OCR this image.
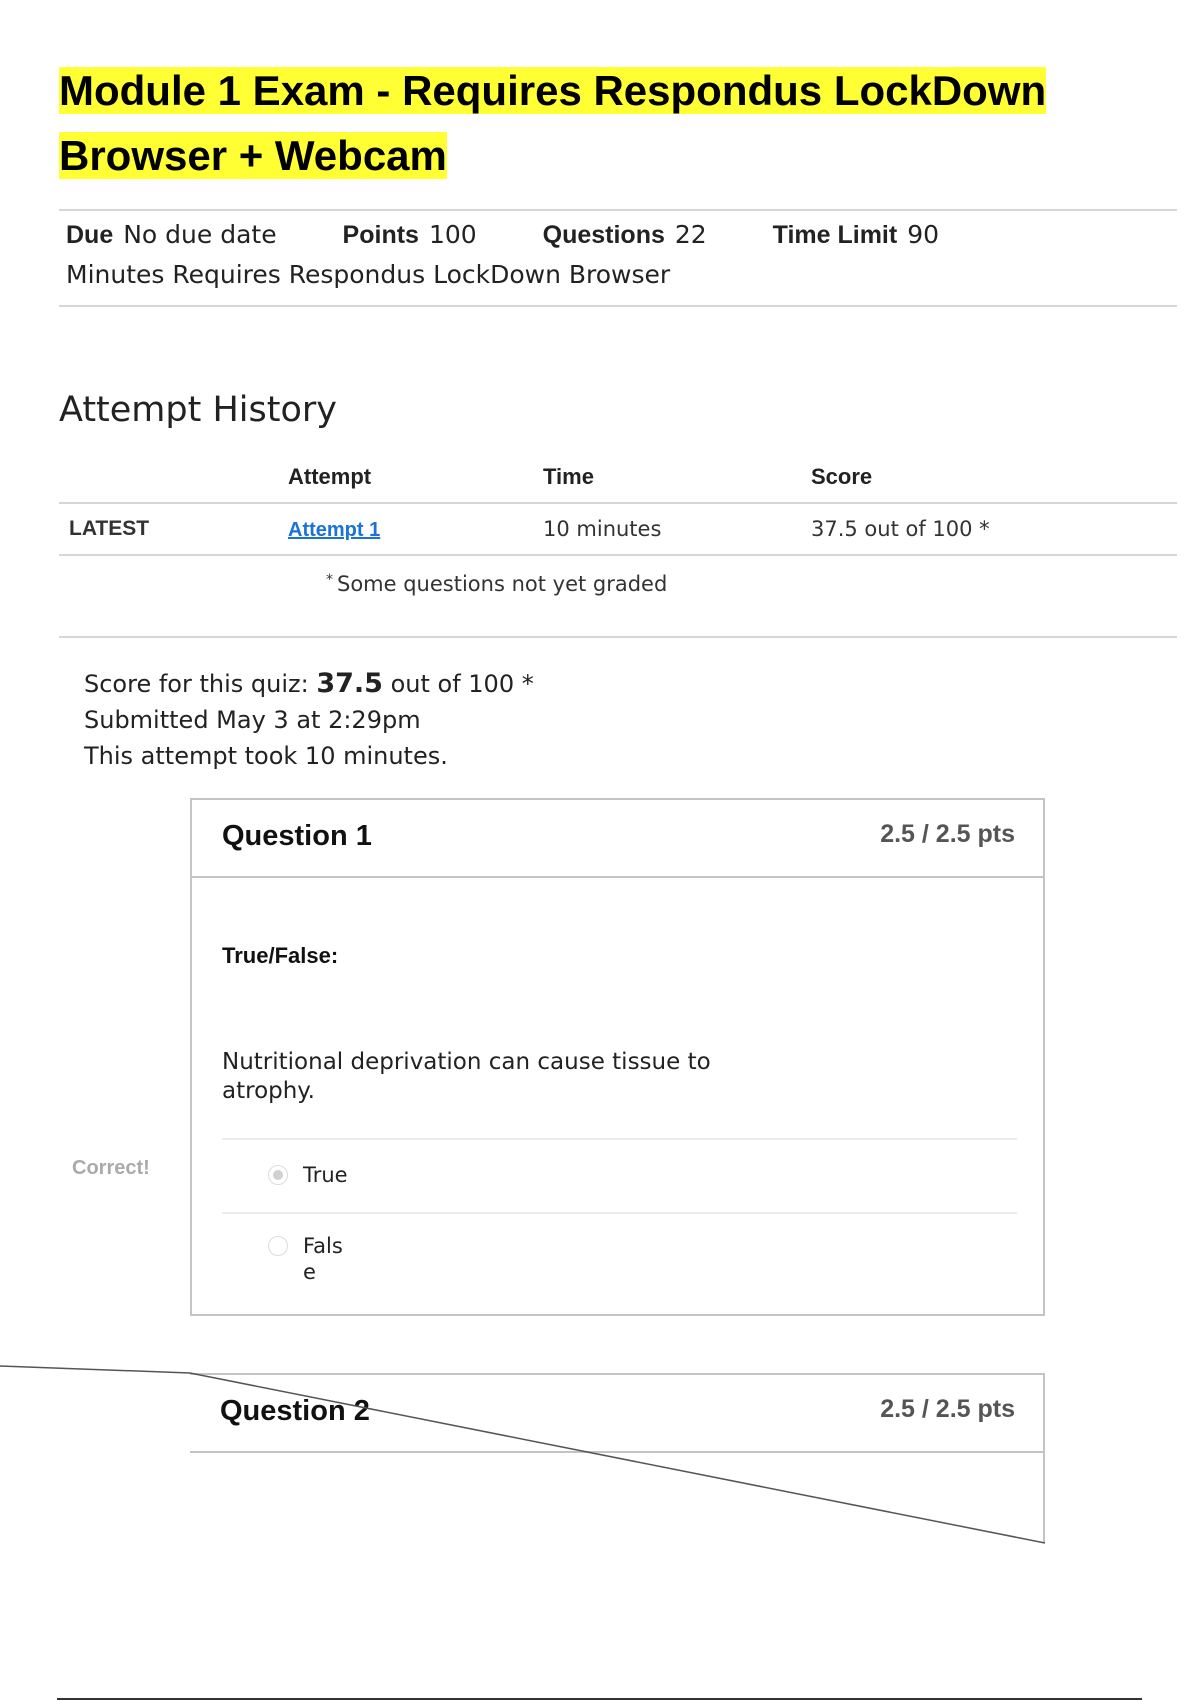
Module 1 Exam - Requires Respondus LockDown

Browser + Webcam

Due No due date	Points 100	Questions 22	Time Limit 90
Minutes Requires Respondus LockDown Browser
Attempt History
	Attempt	Time	Score
LATEST	Attempt 1	10 minutes	37.5 out of 100 *
* Some questions not yet graded
Score for this quiz: 37.5 out of 100 *
Submitted May 3 at 2:29pm
This attempt took 10 minutes.
Correct!
Question 1	2.5 / 2.5 pts
True/False:
Nutritional deprivation can cause tissue to atrophy.
True
False
Question 2	2.5 / 2.5 pts
